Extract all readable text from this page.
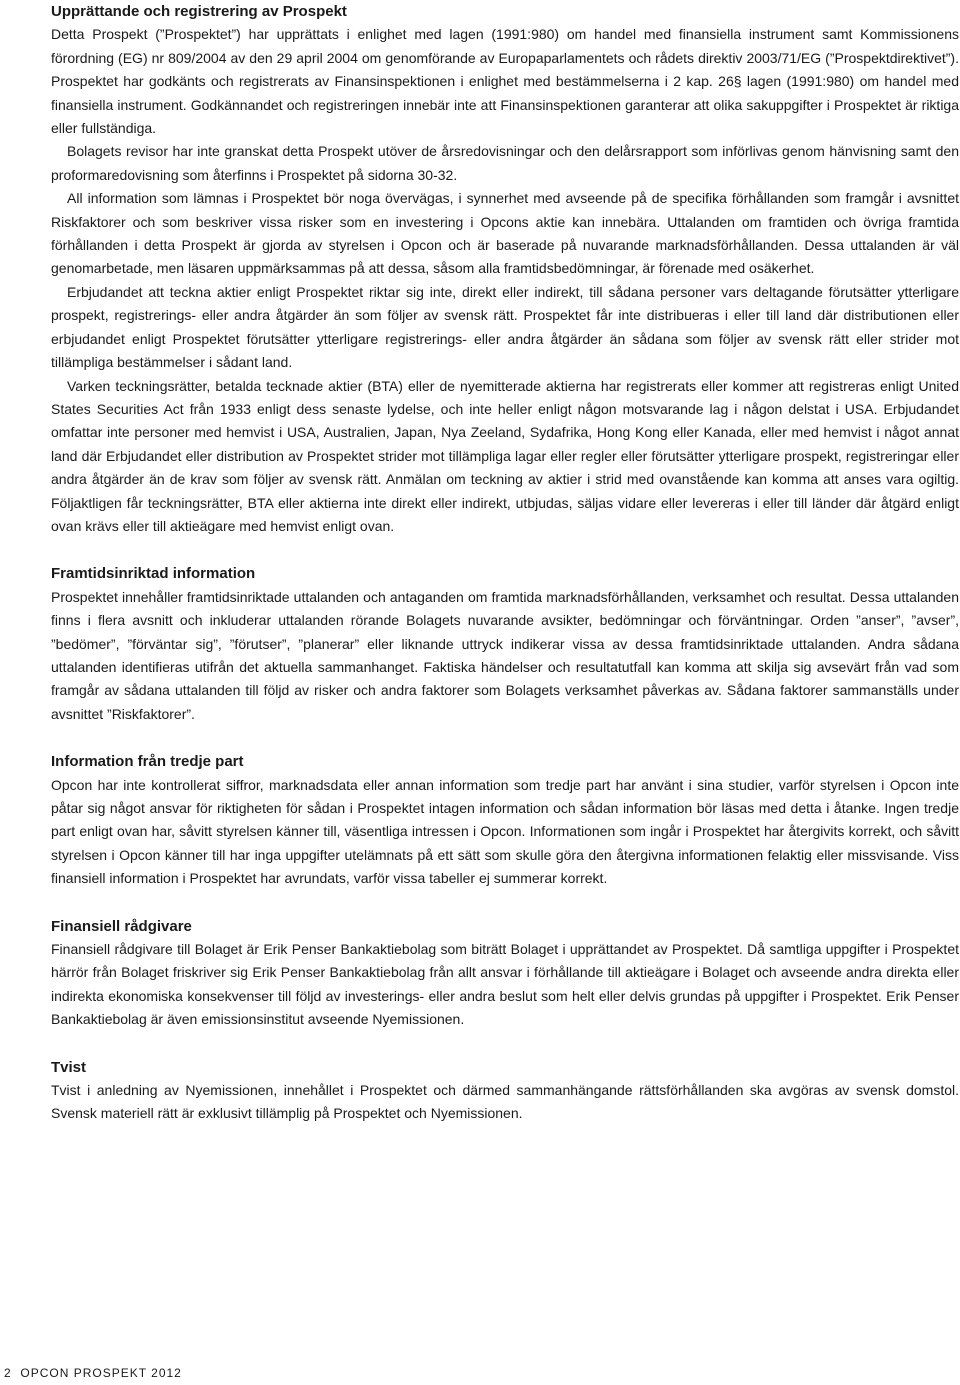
Upprättande och registrering av Prospekt

Detta Prospekt (”Prospektet”) har upprättats i enlighet med lagen (1991:980) om handel med finansiella instrument samt Kommissionens förordning (EG) nr 809/2004 av den 29 april 2004 om genomförande av Europaparlamentets och rådets direktiv 2003/71/EG (”Prospektdirektivet”). Prospektet har godkänts och registrerats av Finansinspektionen i enlighet med bestämmelserna i 2 kap. 26§ lagen (1991:980) om handel med finansiella instrument. Godkännandet och registreringen innebär inte att Finansinspektionen garanterar att olika sakuppgifter i Prospektet är riktiga eller fullständiga.

Bolagets revisor har inte granskat detta Prospekt utöver de årsredovisningar och den delårsrapport som införlivas genom hänvisning samt den proformaredovisning som återfinns i Prospektet på sidorna 30-32.

All information som lämnas i Prospektet bör noga övervägas, i synnerhet med avseende på de specifika förhållanden som framgår i avsnittet Riskfaktorer och som beskriver vissa risker som en investering i Opcons aktie kan innebära. Uttalanden om framtiden och övriga framtida förhållanden i detta Prospekt är gjorda av styrelsen i Opcon och är baserade på nuvarande marknadsförhållanden. Dessa uttalanden är väl genomarbetade, men läsaren uppmärksammas på att dessa, såsom alla framtidsbedömningar, är förenade med osäkerhet.

Erbjudandet att teckna aktier enligt Prospektet riktar sig inte, direkt eller indirekt, till sådana personer vars deltagande förutsätter ytterligare prospekt, registrerings- eller andra åtgärder än som följer av svensk rätt. Prospektet får inte distribueras i eller till land där distributionen eller erbjudandet enligt Prospektet förutsätter ytterligare registrerings- eller andra åtgärder än sådana som följer av svensk rätt eller strider mot tillämpliga bestämmelser i sådant land.

Varken teckningsrätter, betalda tecknade aktier (BTA) eller de nyemitterade aktierna har registrerats eller kommer att registreras enligt United States Securities Act från 1933 enligt dess senaste lydelse, och inte heller enligt någon motsvarande lag i någon delstat i USA. Erbjudandet omfattar inte personer med hemvist i USA, Australien, Japan, Nya Zeeland, Sydafrika, Hong Kong eller Kanada, eller med hemvist i något annat land där Erbjudandet eller distribution av Prospektet strider mot tillämpliga lagar eller regler eller förutsätter ytterligare prospekt, registreringar eller andra åtgärder än de krav som följer av svensk rätt. Anmälan om teckning av aktier i strid med ovanstående kan komma att anses vara ogiltig. Följaktligen får teckningsrätter, BTA eller aktierna inte direkt eller indirekt, utbjudas, säljas vidare eller levereras i eller till länder där åtgärd enligt ovan krävs eller till aktieägare med hemvist enligt ovan.

Framtidsinriktad information

Prospektet innehåller framtidsinriktade uttalanden och antaganden om framtida marknadsförhållanden, verksamhet och resultat. Dessa uttalanden finns i flera avsnitt och inkluderar uttalanden rörande Bolagets nuvarande avsikter, bedömningar och förväntningar. Orden ”anser”, ”avser”, ”bedömer”, ”förväntar sig”, ”förutser”, ”planerar” eller liknande uttryck indikerar vissa av dessa framtidsinriktade uttalanden. Andra sådana uttalanden identifieras utifrån det aktuella sammanhanget. Faktiska händelser och resultatutfall kan komma att skilja sig avsevärt från vad som framgår av sådana uttalanden till följd av risker och andra faktorer som Bolagets verksamhet påverkas av. Sådana faktorer sammanställs under avsnittet ”Riskfaktorer”.

Information från tredje part

Opcon har inte kontrollerat siffror, marknadsdata eller annan information som tredje part har använt i sina studier, varför styrelsen i Opcon inte påtar sig något ansvar för riktigheten för sådan i Prospektet intagen information och sådan information bör läsas med detta i åtanke. Ingen tredje part enligt ovan har, såvitt styrelsen känner till, väsentliga intressen i Opcon. Informationen som ingår i Prospektet har återgivits korrekt, och såvitt styrelsen i Opcon känner till har inga uppgifter utelämnats på ett sätt som skulle göra den återgivna informationen felaktig eller missvisande. Viss finansiell information i Prospektet har avrundats, varför vissa tabeller ej summerar korrekt.

Finansiell rådgivare

Finansiell rådgivare till Bolaget är Erik Penser Bankaktiebolag som biträtt Bolaget i upprättandet av Prospektet. Då samtliga uppgifter i Prospektet härrör från Bolaget friskriver sig Erik Penser Bankaktiebolag från allt ansvar i förhållande till aktieägare i Bolaget och avseende andra direkta eller indirekta ekonomiska konsekvenser till följd av investerings- eller andra beslut som helt eller delvis grundas på uppgifter i Prospektet. Erik Penser Bankaktiebolag är även emissionsinstitut avseende Nyemissionen.

Tvist

Tvist i anledning av Nyemissionen, innehållet i Prospektet och därmed sammanhängande rättsförhållanden ska avgöras av svensk domstol. Svensk materiell rätt är exklusivt tillämplig på Prospektet och Nyemissionen.

2 OPCON PROSPEKT 2012
